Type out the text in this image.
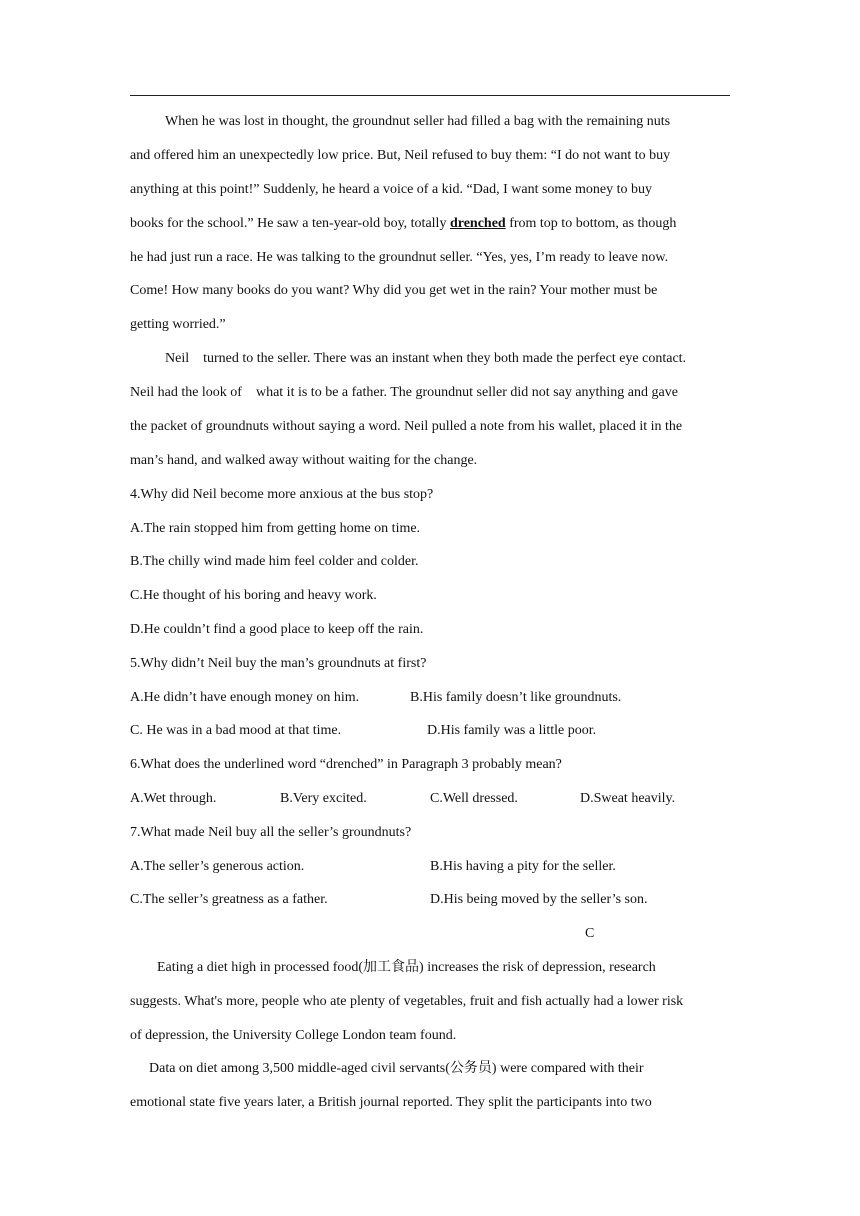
When he was lost in thought, the groundnut seller had filled a bag with the remaining nuts
and offered him an unexpectedly low price. But, Neil refused to buy them: “I do not want to buy
anything at this point!” Suddenly, he heard a voice of a kid. “Dad, I want some money to buy
books for the school.” He saw a ten-year-old boy, totally drenched from top to bottom, as though
he had just run a race. He was talking to the groundnut seller. “Yes, yes, I’m ready to leave now.
Come! How many books do you want? Why did you get wet in the rain? Your mother must be
getting worried.”
Neil    turned to the seller. There was an instant when they both made the perfect eye contact.
Neil had the look of    what it is to be a father. The groundnut seller did not say anything and gave
the packet of groundnuts without saying a word. Neil pulled a note from his wallet, placed it in the
man’s hand, and walked away without waiting for the change.
4.Why did Neil become more anxious at the bus stop?
A.The rain stopped him from getting home on time.
B.The chilly wind made him feel colder and colder.
C.He thought of his boring and heavy work.
D.He couldn’t find a good place to keep off the rain.
5.Why didn’t Neil buy the man’s groundnuts at first?
A.He didn’t have enough money on him.	B.His family doesn’t like groundnuts.
C. He was in a bad mood at that time.	D.His family was a little poor.
6.What does the underlined word “drenched” in Paragraph 3 probably mean?
A.Wet through.	B.Very excited.	C.Well dressed.	D.Sweat heavily.
7.What made Neil buy all the seller’s groundnuts?
A.The seller’s generous action.	B.His having a pity for the seller.
C.The seller’s greatness as a father.	D.His being moved by the seller’s son.
C
Eating a diet high in processed food(加工食品) increases the risk of depression, research
suggests. What's more, people who ate plenty of vegetables, fruit and fish actually had a lower risk
of depression, the University College London team found.
Data on diet among 3,500 middle-aged civil servants(公务员) were compared with their
emotional state five years later, a British journal reported. They split the participants into two
